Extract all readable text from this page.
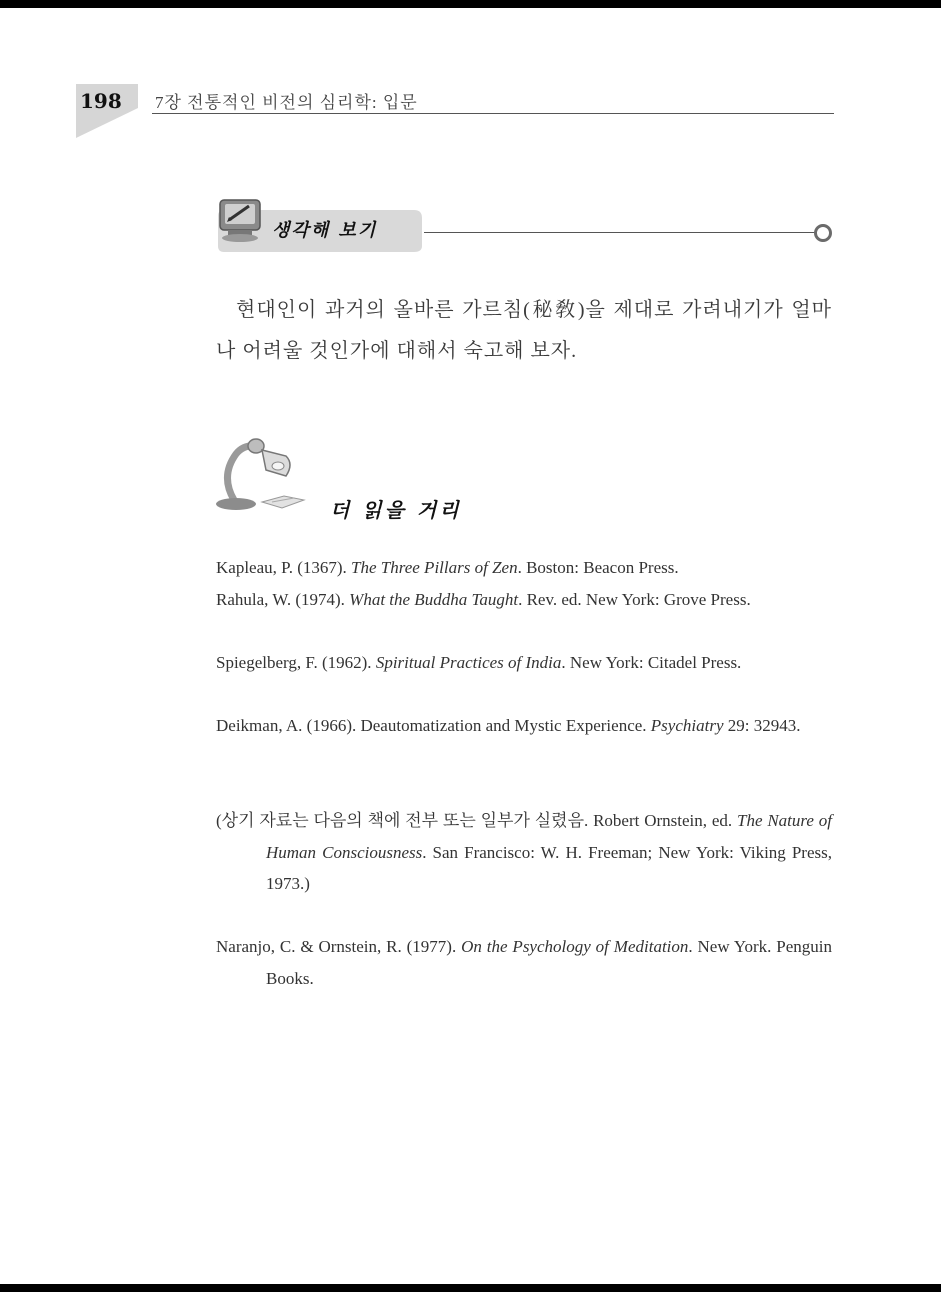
198 7장 전통적인 비전의 심리학: 입문
생각해 보기
현대인이 과거의 올바른 가르침(秘敎)을 제대로 가려내기가 얼마나 어려울 것인가에 대해서 숙고해 보자.
더 읽을 거리
Kapleau, P. (1367). The Three Pillars of Zen. Boston: Beacon Press.
Rahula, W. (1974). What the Buddha Taught. Rev. ed. New York: Grove Press.
Spiegelberg, F. (1962). Spiritual Practices of India. New York: Citadel Press.
Deikman, A. (1966). Deautomatization and Mystic Experience. Psychiatry 29: 32943.
(상기 자료는 다음의 책에 전부 또는 일부가 실렸음. Robert Ornstein, ed. The Nature of Human Consciousness. San Francisco: W. H. Freeman; New York: Viking Press, 1973.)
Naranjo, C. & Ornstein, R. (1977). On the Psychology of Meditation. New York. Penguin Books.
